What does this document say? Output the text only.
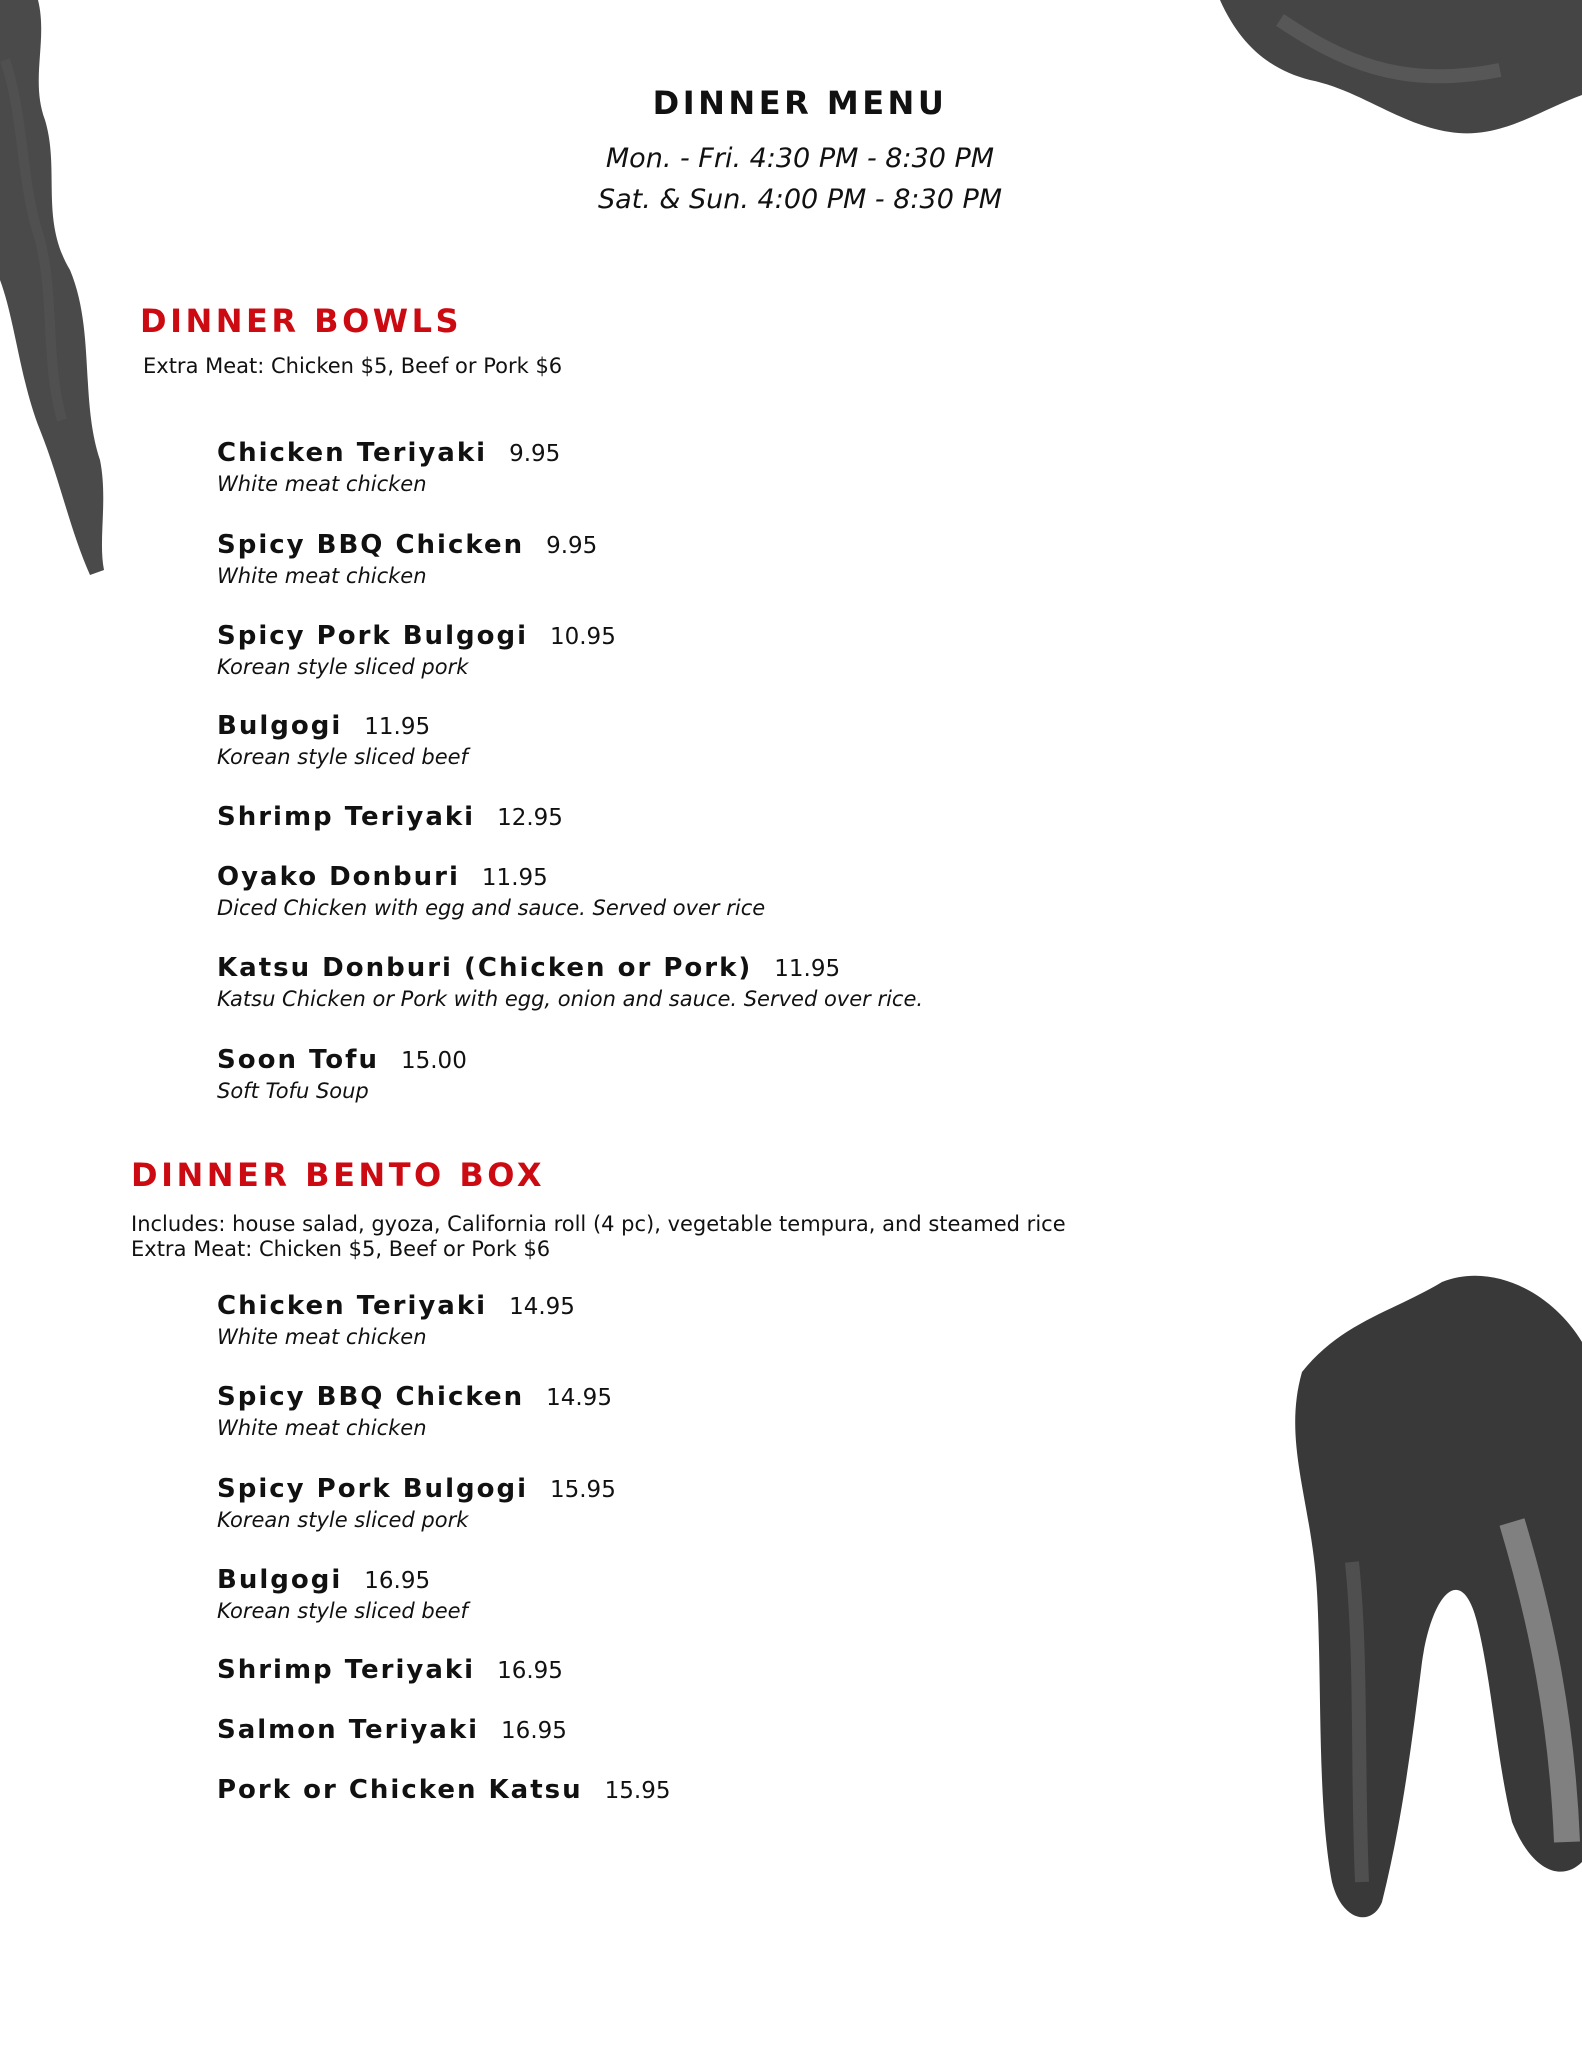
DINNER MENU
Mon. - Fri. 4:30 PM - 8:30 PM
Sat. & Sun. 4:00 PM - 8:30 PM
DINNER BOWLS
Extra Meat: Chicken $5, Beef or Pork $6
Chicken Teriyaki 9.95
White meat chicken
Spicy BBQ Chicken 9.95
White meat chicken
Spicy Pork Bulgogi 10.95
Korean style sliced pork
Bulgogi 11.95
Korean style sliced beef
Shrimp Teriyaki 12.95
Oyako Donburi 11.95
Diced Chicken with egg and sauce. Served over rice
Katsu Donburi (Chicken or Pork) 11.95
Katsu Chicken or Pork with egg, onion and sauce. Served over rice.
Soon Tofu 15.00
Soft Tofu Soup
DINNER BENTO BOX
Includes: house salad, gyoza, California roll (4 pc), vegetable tempura, and steamed rice
Extra Meat: Chicken $5, Beef or Pork $6
Chicken Teriyaki 14.95
White meat chicken
Spicy BBQ Chicken 14.95
White meat chicken
Spicy Pork Bulgogi 15.95
Korean style sliced pork
Bulgogi 16.95
Korean style sliced beef
Shrimp Teriyaki 16.95
Salmon Teriyaki 16.95
Pork or Chicken Katsu 15.95
